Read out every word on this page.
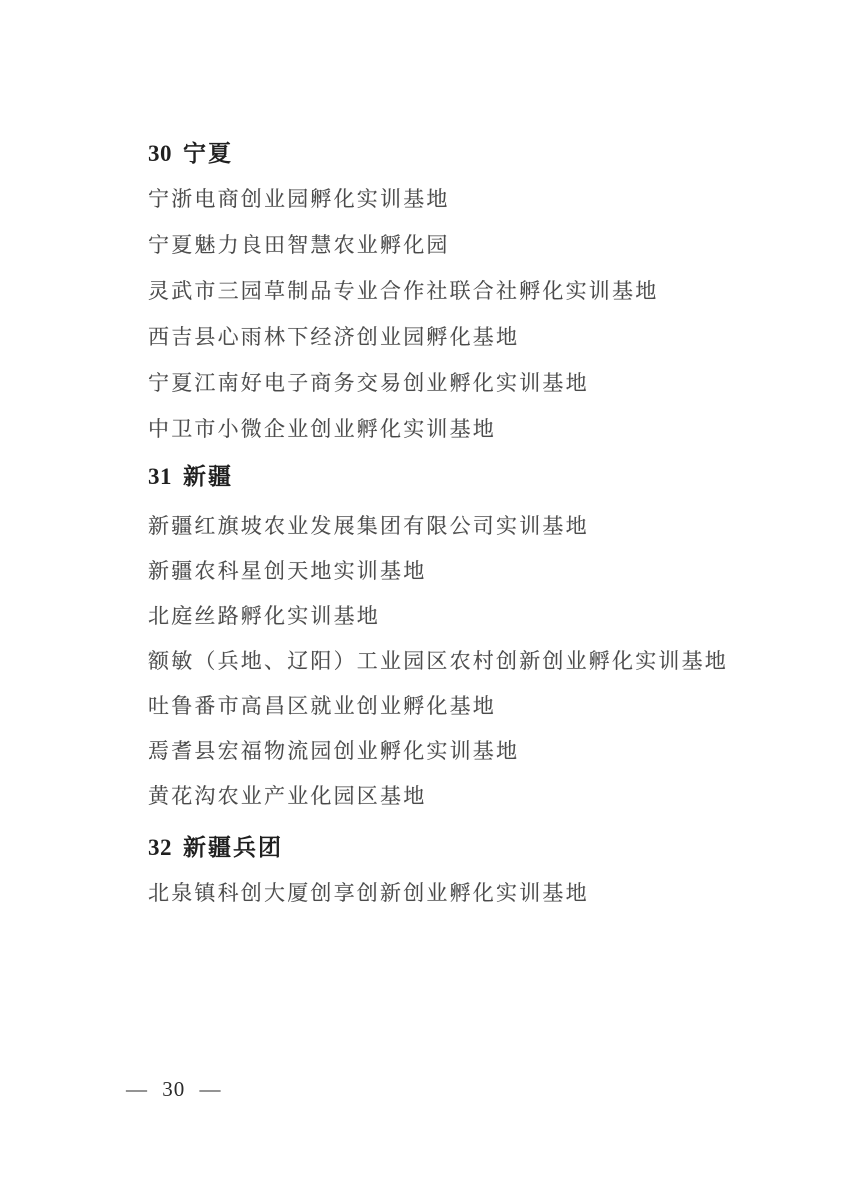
30 宁夏
宁浙电商创业园孵化实训基地
宁夏魅力良田智慧农业孵化园
灵武市三园草制品专业合作社联合社孵化实训基地
西吉县心雨林下经济创业园孵化基地
宁夏江南好电子商务交易创业孵化实训基地
中卫市小微企业创业孵化实训基地
31 新疆
新疆红旗坡农业发展集团有限公司实训基地
新疆农科星创天地实训基地
北庭丝路孵化实训基地
额敏（兵地、辽阳）工业园区农村创新创业孵化实训基地
吐鲁番市高昌区就业创业孵化基地
焉耆县宏福物流园创业孵化实训基地
黄花沟农业产业化园区基地
32 新疆兵团
北泉镇科创大厦创享创新创业孵化实训基地
— 30 —
